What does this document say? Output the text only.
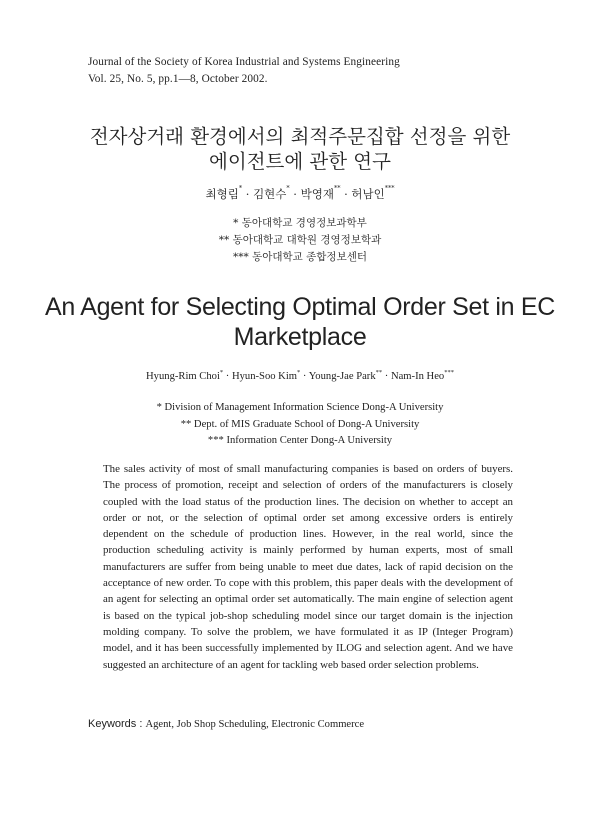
Journal of the Society of Korea Industrial and Systems Engineering
Vol. 25, No. 5, pp.1—8, October 2002.
전자상거래 환경에서의 최적주문집합 선정을 위한
에이전트에 관한 연구
최형림* · 김현수* · 박영재** · 허남인***
* 동아대학교 경영정보과학부
** 동아대학교 대학원 경영정보학과
*** 동아대학교 종합정보센터
An Agent for Selecting Optimal Order Set in EC
Marketplace
Hyung-Rim Choi* · Hyun-Soo Kim* · Young-Jae Park** · Nam-In Heo***
* Division of Management Information Science Dong-A University
** Dept. of MIS Graduate School of Dong-A University
*** Information Center Dong-A University

The sales activity of most of small manufacturing companies is based on orders of buyers. The process of promotion, receipt and selection of orders of the manufacturers is closely coupled with the load status of the production lines. The decision on whether to accept an order or not, or the selection of optimal order set among excessive orders is entirely dependent on the schedule of production lines. However, in the real world, since the production scheduling activity is mainly performed by human experts, most of small manufacturers are suffer from being unable to meet due dates, lack of rapid decision on the acceptance of new order. To cope with this problem, this paper deals with the development of an agent for selecting an optimal order set automatically. The main engine of selection agent is based on the typical job-shop scheduling model since our target domain is the injection molding company. To solve the problem, we have formulated it as IP (Integer Program) model, and it has been successfully implemented by ILOG and selection agent. And we have suggested an architecture of an agent for tackling web based order selection problems.

Keywords : Agent, Job Shop Scheduling, Electronic Commerce
